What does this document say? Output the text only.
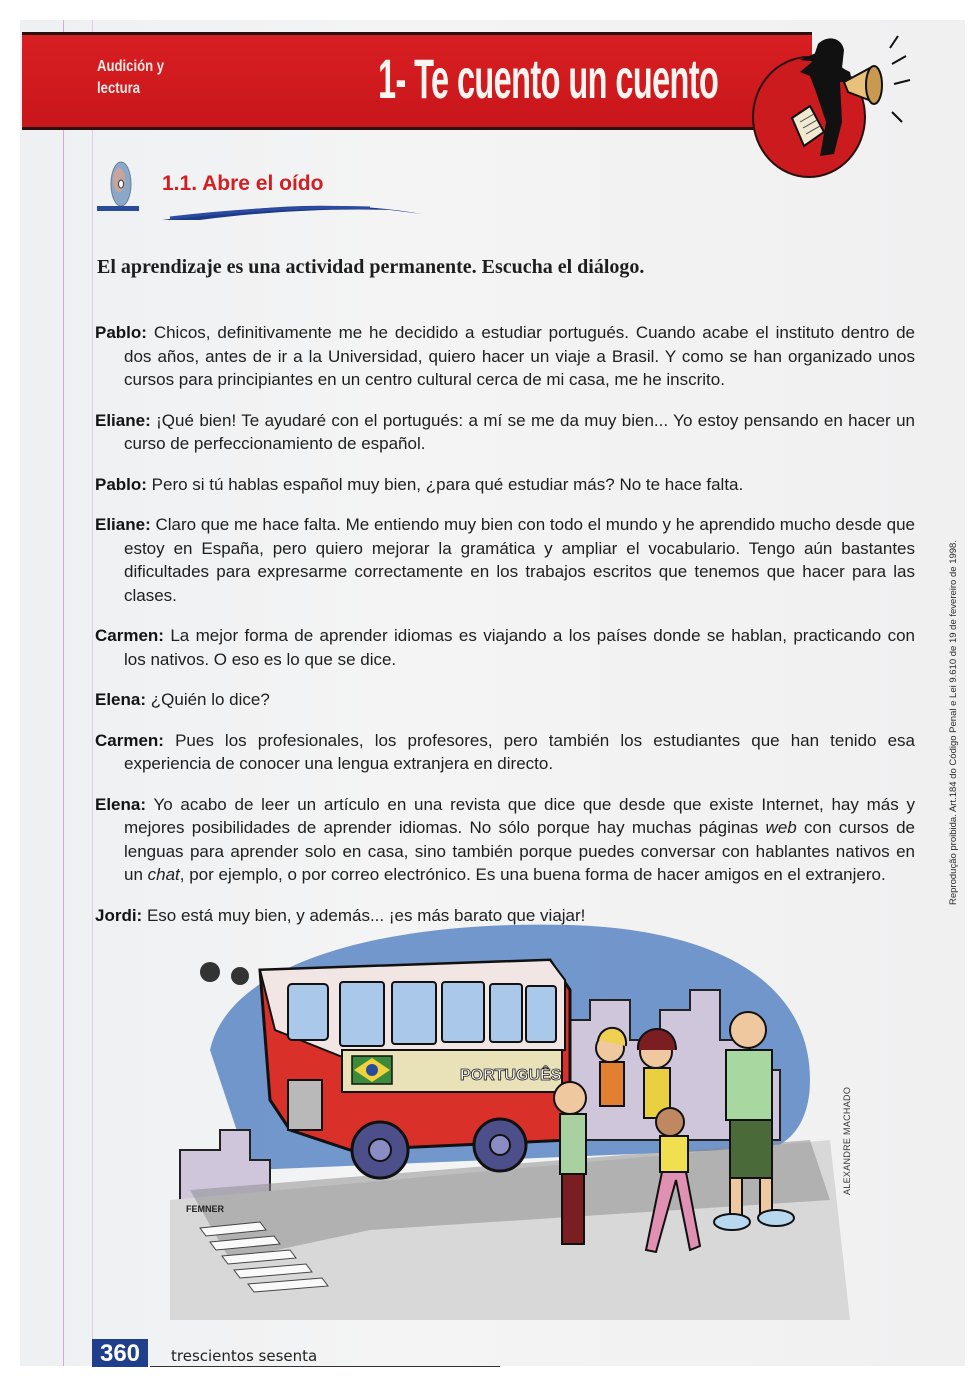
Audición y
lectura	1- Te cuento un cuento
1.1. Abre el oído
El aprendizaje es una actividad permanente. Escucha el diálogo.

Pablo: Chicos, definitivamente me he decidido a estudiar portugués. Cuando acabe el instituto dentro de dos años, antes de ir a la Universidad, quiero hacer un viaje a Brasil. Y como se han organizado unos cursos para principiantes en un centro cultural cerca de mi casa, me he inscrito.

Eliane: ¡Qué bien! Te ayudaré con el portugués: a mí se me da muy bien... Yo estoy pensando en hacer un curso de perfeccionamiento de español.

Pablo: Pero si tú hablas español muy bien, ¿para qué estudiar más? No te hace falta.

Eliane: Claro que me hace falta. Me entiendo muy bien con todo el mundo y he aprendido mucho desde que estoy en España, pero quiero mejorar la gramática y ampliar el vocabulario. Tengo aún bastantes dificultades para expresarme correctamente en los trabajos escritos que tenemos que hacer para las clases.

Carmen: La mejor forma de aprender idiomas es viajando a los países donde se hablan, practicando con los nativos. O eso es lo que se dice.

Elena: ¿Quién lo dice?

Carmen: Pues los profesionales, los profesores, pero también los estudiantes que han tenido esa experiencia de conocer una lengua extranjera en directo.

Elena: Yo acabo de leer un artículo en una revista que dice que desde que existe Internet, hay más y mejores posibilidades de aprender idiomas. No sólo porque hay muchas páginas web con cursos de lenguas para aprender solo en casa, sino también porque puedes conversar con hablantes nativos en un chat, por ejemplo, o por correo electrónico. Es una buena forma de hacer amigos en el extranjero.

Jordi: Eso está muy bien, y además... ¡es más barato que viajar!

Reprodução proibida. Art.184 do Código Penal e Lei 9.610 de 19 de fevereiro de 1998.
PORTUGUÊS
ALEXANDRE MACHADO
FEMNER
360	trescientos sesenta
